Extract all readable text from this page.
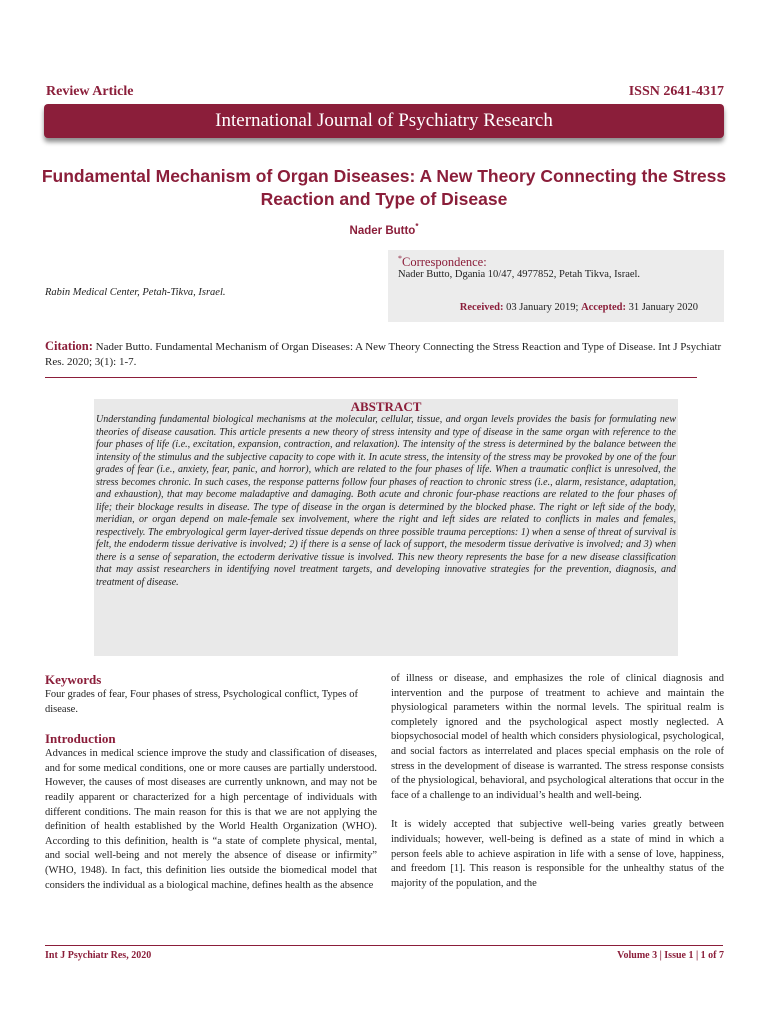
Review Article	ISSN 2641-4317
International Journal of Psychiatry Research
Fundamental Mechanism of Organ Diseases: A New Theory Connecting the Stress Reaction and Type of Disease
Nader Butto*
Rabin Medical Center, Petah-Tikva, Israel.
*Correspondence:
Nader Butto, Dgania 10/47, 4977852, Petah Tikva, Israel.
Received: 03 January 2019; Accepted: 31 January 2020
Citation: Nader Butto. Fundamental Mechanism of Organ Diseases: A New Theory Connecting the Stress Reaction and Type of Disease. Int J Psychiatr Res. 2020; 3(1): 1-7.
ABSTRACT
Understanding fundamental biological mechanisms at the molecular, cellular, tissue, and organ levels provides the basis for formulating new theories of disease causation. This article presents a new theory of stress intensity and type of disease in the same organ with reference to the four phases of life (i.e., excitation, expansion, contraction, and relaxation). The intensity of the stress is determined by the balance between the intensity of the stimulus and the subjective capacity to cope with it. In acute stress, the intensity of the stress may be provoked by one of the four grades of fear (i.e., anxiety, fear, panic, and horror), which are related to the four phases of life. When a traumatic conflict is unresolved, the stress becomes chronic. In such cases, the response patterns follow four phases of reaction to chronic stress (i.e., alarm, resistance, adaptation, and exhaustion), that may become maladaptive and damaging. Both acute and chronic four-phase reactions are related to the four phases of life; their blockage results in disease. The type of disease in the organ is determined by the blocked phase. The right or left side of the body, meridian, or organ depend on male-female sex involvement, where the right and left sides are related to conflicts in males and females, respectively. The embryological germ layer-derived tissue depends on three possible trauma perceptions: 1) when a sense of threat of survival is felt, the endoderm tissue derivative is involved; 2) if there is a sense of lack of support, the mesoderm tissue derivative is involved; and 3) when there is a sense of separation, the ectoderm derivative tissue is involved. This new theory represents the base for a new disease classification that may assist researchers in identifying novel treatment targets, and developing innovative strategies for the prevention, diagnosis, and treatment of disease.
Keywords

Four grades of fear, Four phases of stress, Psychological conflict, Types of disease.

Introduction

Advances in medical science improve the study and classification of diseases, and for some medical conditions, one or more causes are partially understood. However, the causes of most diseases are currently unknown, and may not be readily apparent or characterized for a high percentage of individuals with different conditions. The main reason for this is that we are not applying the definition of health established by the World Health Organization (WHO). According to this definition, health is “a state of complete physical, mental, and social well-being and not merely the absence of disease or infirmity” (WHO, 1948). In fact, this definition lies outside the biomedical model that considers the individual as a biological machine, defines health as the absence

of illness or disease, and emphasizes the role of clinical diagnosis and intervention and the purpose of treatment to achieve and maintain the physiological parameters within the normal levels. The spiritual realm is completely ignored and the psychological aspect mostly neglected. A biopsychosocial model of health which considers physiological, psychological, and social factors as interrelated and places special emphasis on the role of stress in the development of disease is warranted. The stress response consists of the physiological, behavioral, and psychological alterations that occur in the face of a challenge to an individual’s health and well-being.

It is widely accepted that subjective well-being varies greatly between individuals; however, well-being is defined as a state of mind in which a person feels able to achieve aspiration in life with a sense of love, happiness, and freedom [1]. This reason is responsible for the unhealthy status of the majority of the population, and the

Int J Psychiatr Res, 2020	Volume 3 | Issue 1 | 1 of 7
